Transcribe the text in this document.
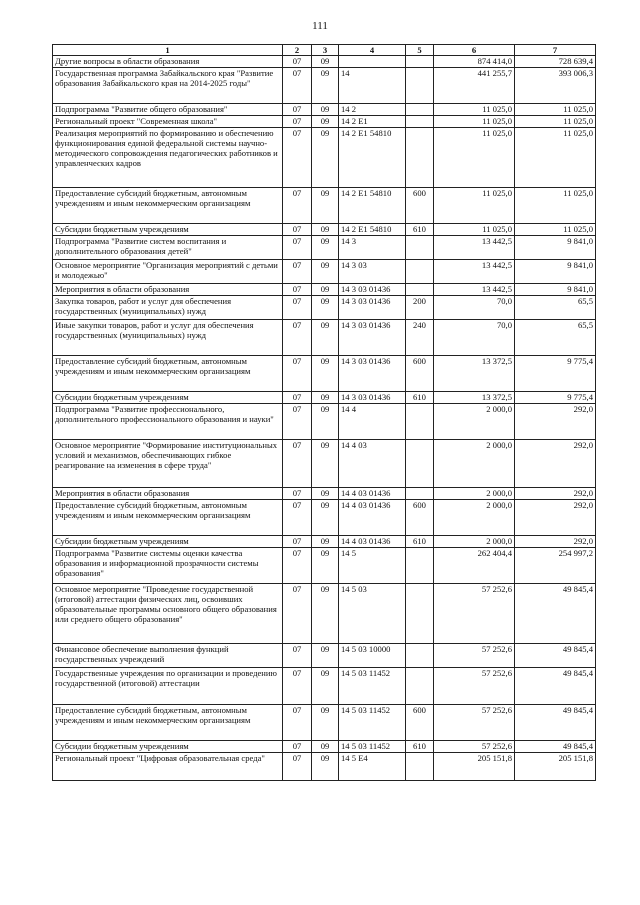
111
1	2	3	4	5	6	7

Другие вопросы в области образования	07	09			874 414,0	728 639,4

Государственная программа Забайкальского края "Развитие образования Забайкальского края на 2014-2025 годы"	07	09	14		441 255,7	393 006,3

Подпрограмма "Развитие общего образования"	07	09	14 2		11 025,0	11 025,0

Региональный проект "Современная школа"	07	09	14 2 E1		11 025,0	11 025,0

Реализация мероприятий по формированию и обеспечению функционирования единой федеральной системы научно-методического сопровождения педагогических работников и управленческих кадров	07	09	14 2 E1 54810		11 025,0	11 025,0

Предоставление субсидий бюджетным, автономным учреждениям и иным некоммерческим организациям	07	09	14 2 E1 54810	600	11 025,0	11 025,0

Субсидии бюджетным учреждениям	07	09	14 2 E1 54810	610	11 025,0	11 025,0

Подпрограмма "Развитие систем воспитания и дополнительного образования детей"	07	09	14 3		13 442,5	9 841,0

Основное мероприятие "Организация мероприятий с детьми и молодежью"	07	09	14 3 03		13 442,5	9 841,0

Мероприятия в области образования	07	09	14 3 03 01436		13 442,5	9 841,0

Закупка товаров, работ и услуг для обеспечения государственных (муниципальных) нужд	07	09	14 3 03 01436	200	70,0	65,5

Иные закупки товаров, работ и услуг для обеспечения государственных (муниципальных) нужд	07	09	14 3 03 01436	240	70,0	65,5

Предоставление субсидий бюджетным, автономным учреждениям и иным некоммерческим организациям	07	09	14 3 03 01436	600	13 372,5	9 775,4

Субсидии бюджетным учреждениям	07	09	14 3 03 01436	610	13 372,5	9 775,4

Подпрограмма "Развитие профессионального, дополнительного профессионального образования и науки"	07	09	14 4		2 000,0	292,0

Основное мероприятие "Формирование институциональных условий и механизмов, обеспечивающих гибкое реагирование на изменения в сфере труда"	07	09	14 4 03		2 000,0	292,0

Мероприятия в области образования	07	09	14 4 03 01436		2 000,0	292,0

Предоставление субсидий бюджетным, автономным учреждениям и иным некоммерческим организациям	07	09	14 4 03 01436	600	2 000,0	292,0

Субсидии бюджетным учреждениям	07	09	14 4 03 01436	610	2 000,0	292,0

Подпрограмма "Развитие системы оценки качества образования и информационной прозрачности системы образования"	07	09	14 5		262 404,4	254 997,2

Основное мероприятие "Проведение государственной (итоговой) аттестации физических лиц, освоивших образовательные программы основного общего образования или среднего общего образования"	07	09	14 5 03		57 252,6	49 845,4

Финансовое обеспечение выполнения функций государственных учреждений	07	09	14 5 03 10000		57 252,6	49 845,4

Государственные учреждения по организации и проведению государственной (итоговой) аттестации	07	09	14 5 03 11452		57 252,6	49 845,4

Предоставление субсидий бюджетным, автономным учреждениям и иным некоммерческим организациям	07	09	14 5 03 11452	600	57 252,6	49 845,4

Субсидии бюджетным учреждениям	07	09	14 5 03 11452	610	57 252,6	49 845,4

Региональный проект "Цифровая образовательная среда"	07	09	14 5 E4		205 151,8	205 151,8
